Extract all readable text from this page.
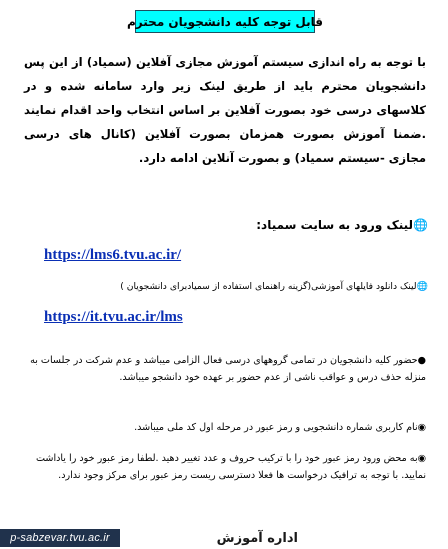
قابل توجه کلیه دانشجویان محترم
با توجه به راه اندازی سیستم آموزش مجازی آفلاین (سمیاد) از این پس دانشجویان محترم باید از طریق لینک زیر وارد سامانه شده و در کلاسهای درسی خود بصورت آفلاین بر اساس انتخاب واحد اقدام نمایند .ضمنا آموزش بصورت همزمان بصورت آفلاین (کانال های درسی مجازی -سیستم سمیاد) و بصورت آنلاین ادامه دارد.
🌐لینک ورود به سایت سمیاد:
https://lms6.tvu.ac.ir/
🌐لینک دانلود فایلهای آموزشی(گزینه راهنمای استفاده از سمیادبرای دانشجویان )
https://it.tvu.ac.ir/lms
●حضور کلیه دانشجویان در تمامی گروههای درسی فعال الزامی میباشد و عدم شرکت در جلسات به منزله حذف درس و عواقب ناشی از عدم حضور بر عهده خود دانشجو میباشد.
◉نام کاربری شماره دانشجویی و رمز عبور در مرحله اول کد ملی میباشد.
◉به محض ورود رمز عبور خود را با ترکیب حروف و عدد تغییر دهید .لطفا رمز عبور خود را یاداشت نمایید. با توجه به ترافیک درخواست ها فعلا دسترسی ریست رمز عبور برای مرکز وجود ندارد.
اداره آموزش
p-sabzevar.tvu.ac.ir
